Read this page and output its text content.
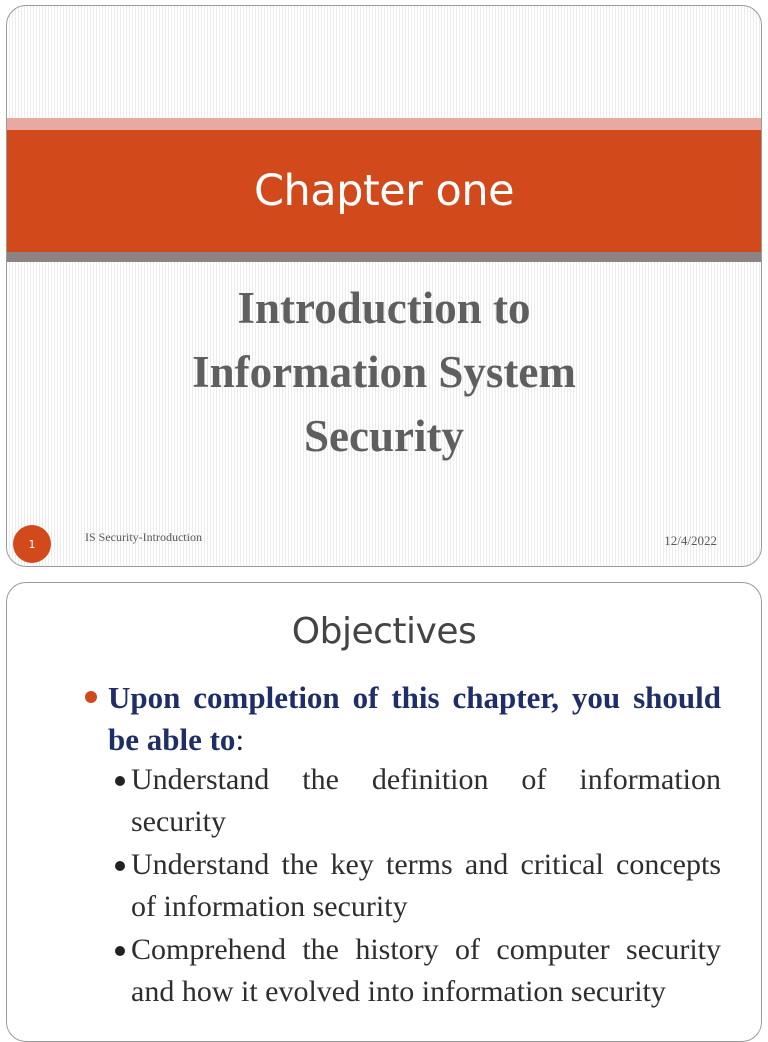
Chapter one
Introduction to
Information System
Security
1	IS Security-Introduction	12/4/2022
Objectives
Upon completion of this chapter, you should be able to:
Understand the definition of information security
Understand the key terms and critical concepts of information security
Comprehend the history of computer security and how it evolved into information security
